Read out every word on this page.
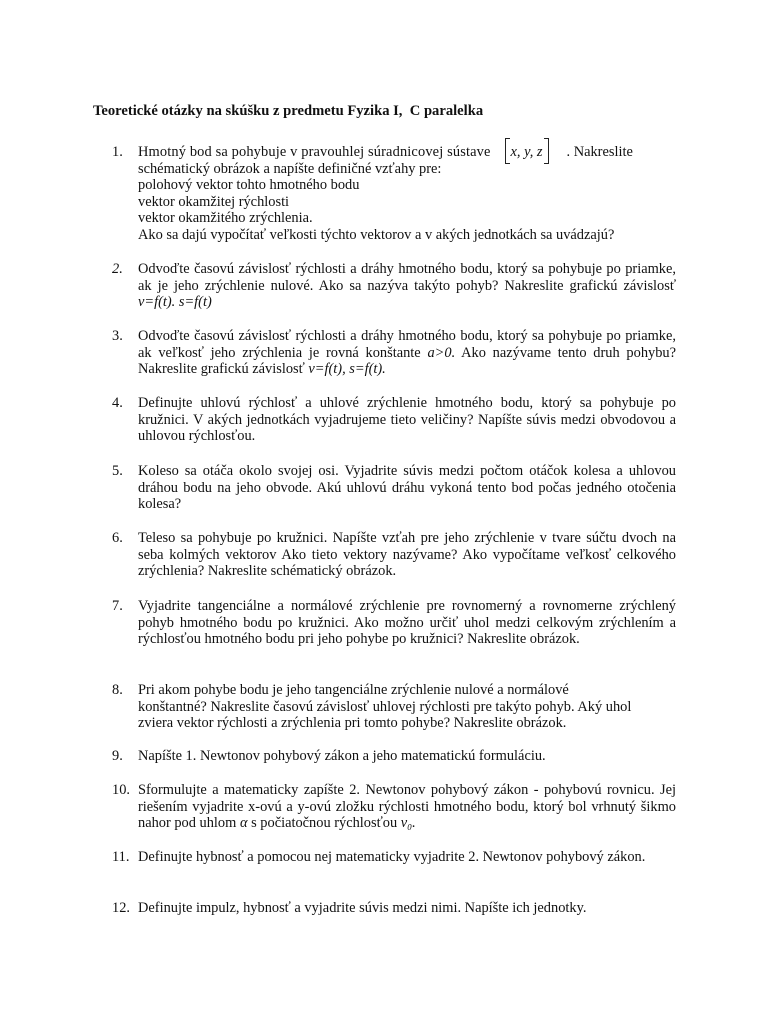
Teoretické otázky na skúšku z predmetu Fyzika I,  C paralelka
1.	Hmotný bod sa pohybuje v pravouhlej súradnicovej sústave x, y, z . Nakreslite
schématický obrázok a napíšte definičné vzťahy pre:
polohový vektor tohto hmotného bodu
vektor okamžitej rýchlosti
vektor okamžitého zrýchlenia.
Ako sa dajú vypočítať veľkosti týchto vektorov a v akých jednotkách sa uvádzajú?
2.	Odvoďte časovú závislosť rýchlosti a dráhy hmotného bodu, ktorý sa pohybuje po priamke, ak je jeho zrýchlenie nulové. Ako sa nazýva takýto pohyb? Nakreslite grafickú závislosť v=f(t). s=f(t)
3.	Odvoďte časovú závislosť rýchlosti a dráhy hmotného bodu, ktorý sa pohybuje po priamke, ak veľkosť jeho zrýchlenia je rovná konštante a>0. Ako nazývame tento druh pohybu? Nakreslite grafickú závislosť v=f(t), s=f(t).
4.	Definujte uhlovú rýchlosť a uhlové zrýchlenie hmotného bodu, ktorý sa pohybuje po kružnici. V akých jednotkách vyjadrujeme tieto veličiny? Napíšte súvis medzi obvodovou a uhlovou rýchlosťou.
5.	Koleso sa otáča okolo svojej osi. Vyjadrite súvis medzi počtom otáčok kolesa a uhlovou dráhou bodu na jeho obvode. Akú uhlovú dráhu vykoná tento bod počas jedného otočenia kolesa?
6.	Teleso sa pohybuje po kružnici. Napíšte vzťah pre jeho zrýchlenie v tvare súčtu dvoch na seba kolmých vektorov Ako tieto vektory nazývame? Ako vypočítame veľkosť celkového zrýchlenia? Nakreslite schématický obrázok.
7.	Vyjadrite tangenciálne a normálové zrýchlenie pre rovnomerný a rovnomerne zrýchlený pohyb hmotného bodu po kružnici. Ako možno určiť uhol medzi celkovým zrýchlením a rýchlosťou hmotného bodu pri jeho pohybe po kružnici? Nakreslite obrázok.
8.	Pri akom pohybe bodu je jeho tangenciálne zrýchlenie nulové a normálové
konštantné? Nakreslite časovú závislosť uhlovej rýchlosti pre takýto pohyb. Aký uhol
zviera vektor rýchlosti a zrýchlenia pri tomto pohybe? Nakreslite obrázok.
9.	Napíšte 1. Newtonov pohybový zákon a jeho matematickú formuláciu.
10. Sformulujte a matematicky zapíšte 2. Newtonov pohybový zákon - pohybovú rovnicu. Jej riešením vyjadrite x-ovú a y-ovú zložku rýchlosti hmotného bodu, ktorý bol vrhnutý šikmo nahor pod uhlom α s počiatočnou rýchlosťou v₀.
11. Definujte hybnosť a pomocou nej matematicky vyjadrite 2. Newtonov pohybový zákon.
12. Definujte impulz, hybnosť a vyjadrite súvis medzi nimi. Napíšte ich jednotky.
